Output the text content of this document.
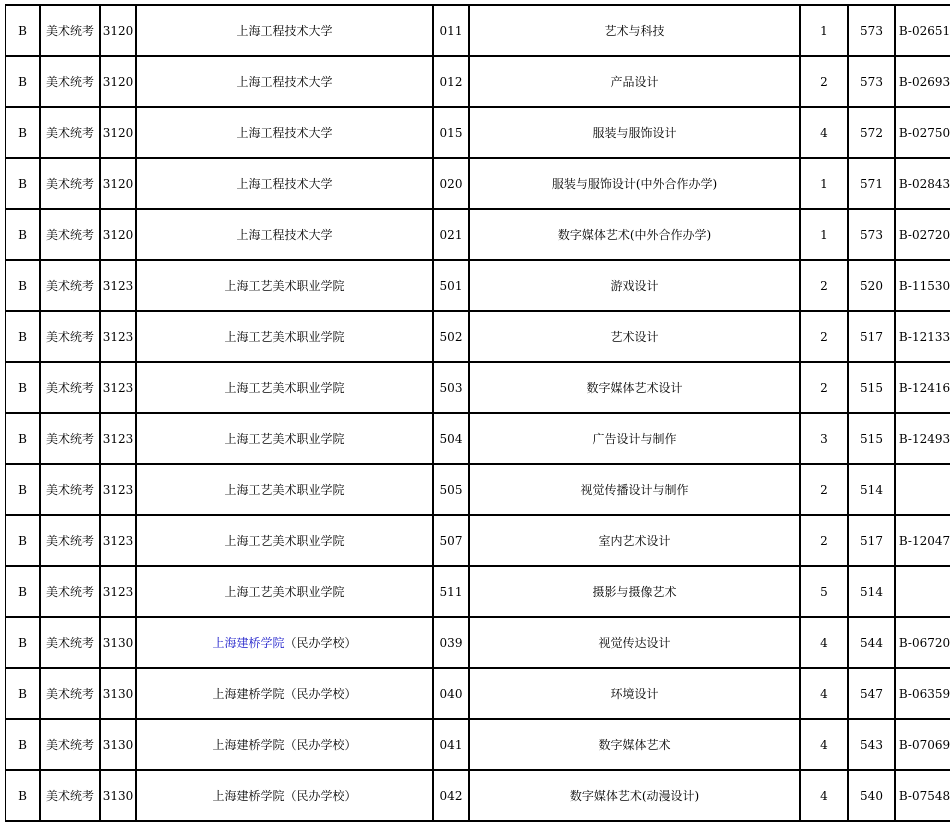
B	美术统考	3120	上海工程技术大学	011	艺术与科技	1	573	B-02651
B	美术统考	3120	上海工程技术大学	012	产品设计	2	573	B-02693
B	美术统考	3120	上海工程技术大学	015	服装与服饰设计	4	572	B-02750
B	美术统考	3120	上海工程技术大学	020	服装与服饰设计(中外合作办学)	1	571	B-02843
B	美术统考	3120	上海工程技术大学	021	数字媒体艺术(中外合作办学)	1	573	B-02720
B	美术统考	3123	上海工艺美术职业学院	501	游戏设计	2	520	B-11530
B	美术统考	3123	上海工艺美术职业学院	502	艺术设计	2	517	B-12133
B	美术统考	3123	上海工艺美术职业学院	503	数字媒体艺术设计	2	515	B-12416
B	美术统考	3123	上海工艺美术职业学院	504	广告设计与制作	3	515	B-12493
B	美术统考	3123	上海工艺美术职业学院	505	视觉传播设计与制作	2	514	
B	美术统考	3123	上海工艺美术职业学院	507	室内艺术设计	2	517	B-12047
B	美术统考	3123	上海工艺美术职业学院	511	摄影与摄像艺术	5	514	
B	美术统考	3130	上海建桥学院（民办学校）	039	视觉传达设计	4	544	B-06720
B	美术统考	3130	上海建桥学院（民办学校）	040	环境设计	4	547	B-06359
B	美术统考	3130	上海建桥学院（民办学校）	041	数字媒体艺术	4	543	B-07069
B	美术统考	3130	上海建桥学院（民办学校）	042	数字媒体艺术(动漫设计)	4	540	B-07548
